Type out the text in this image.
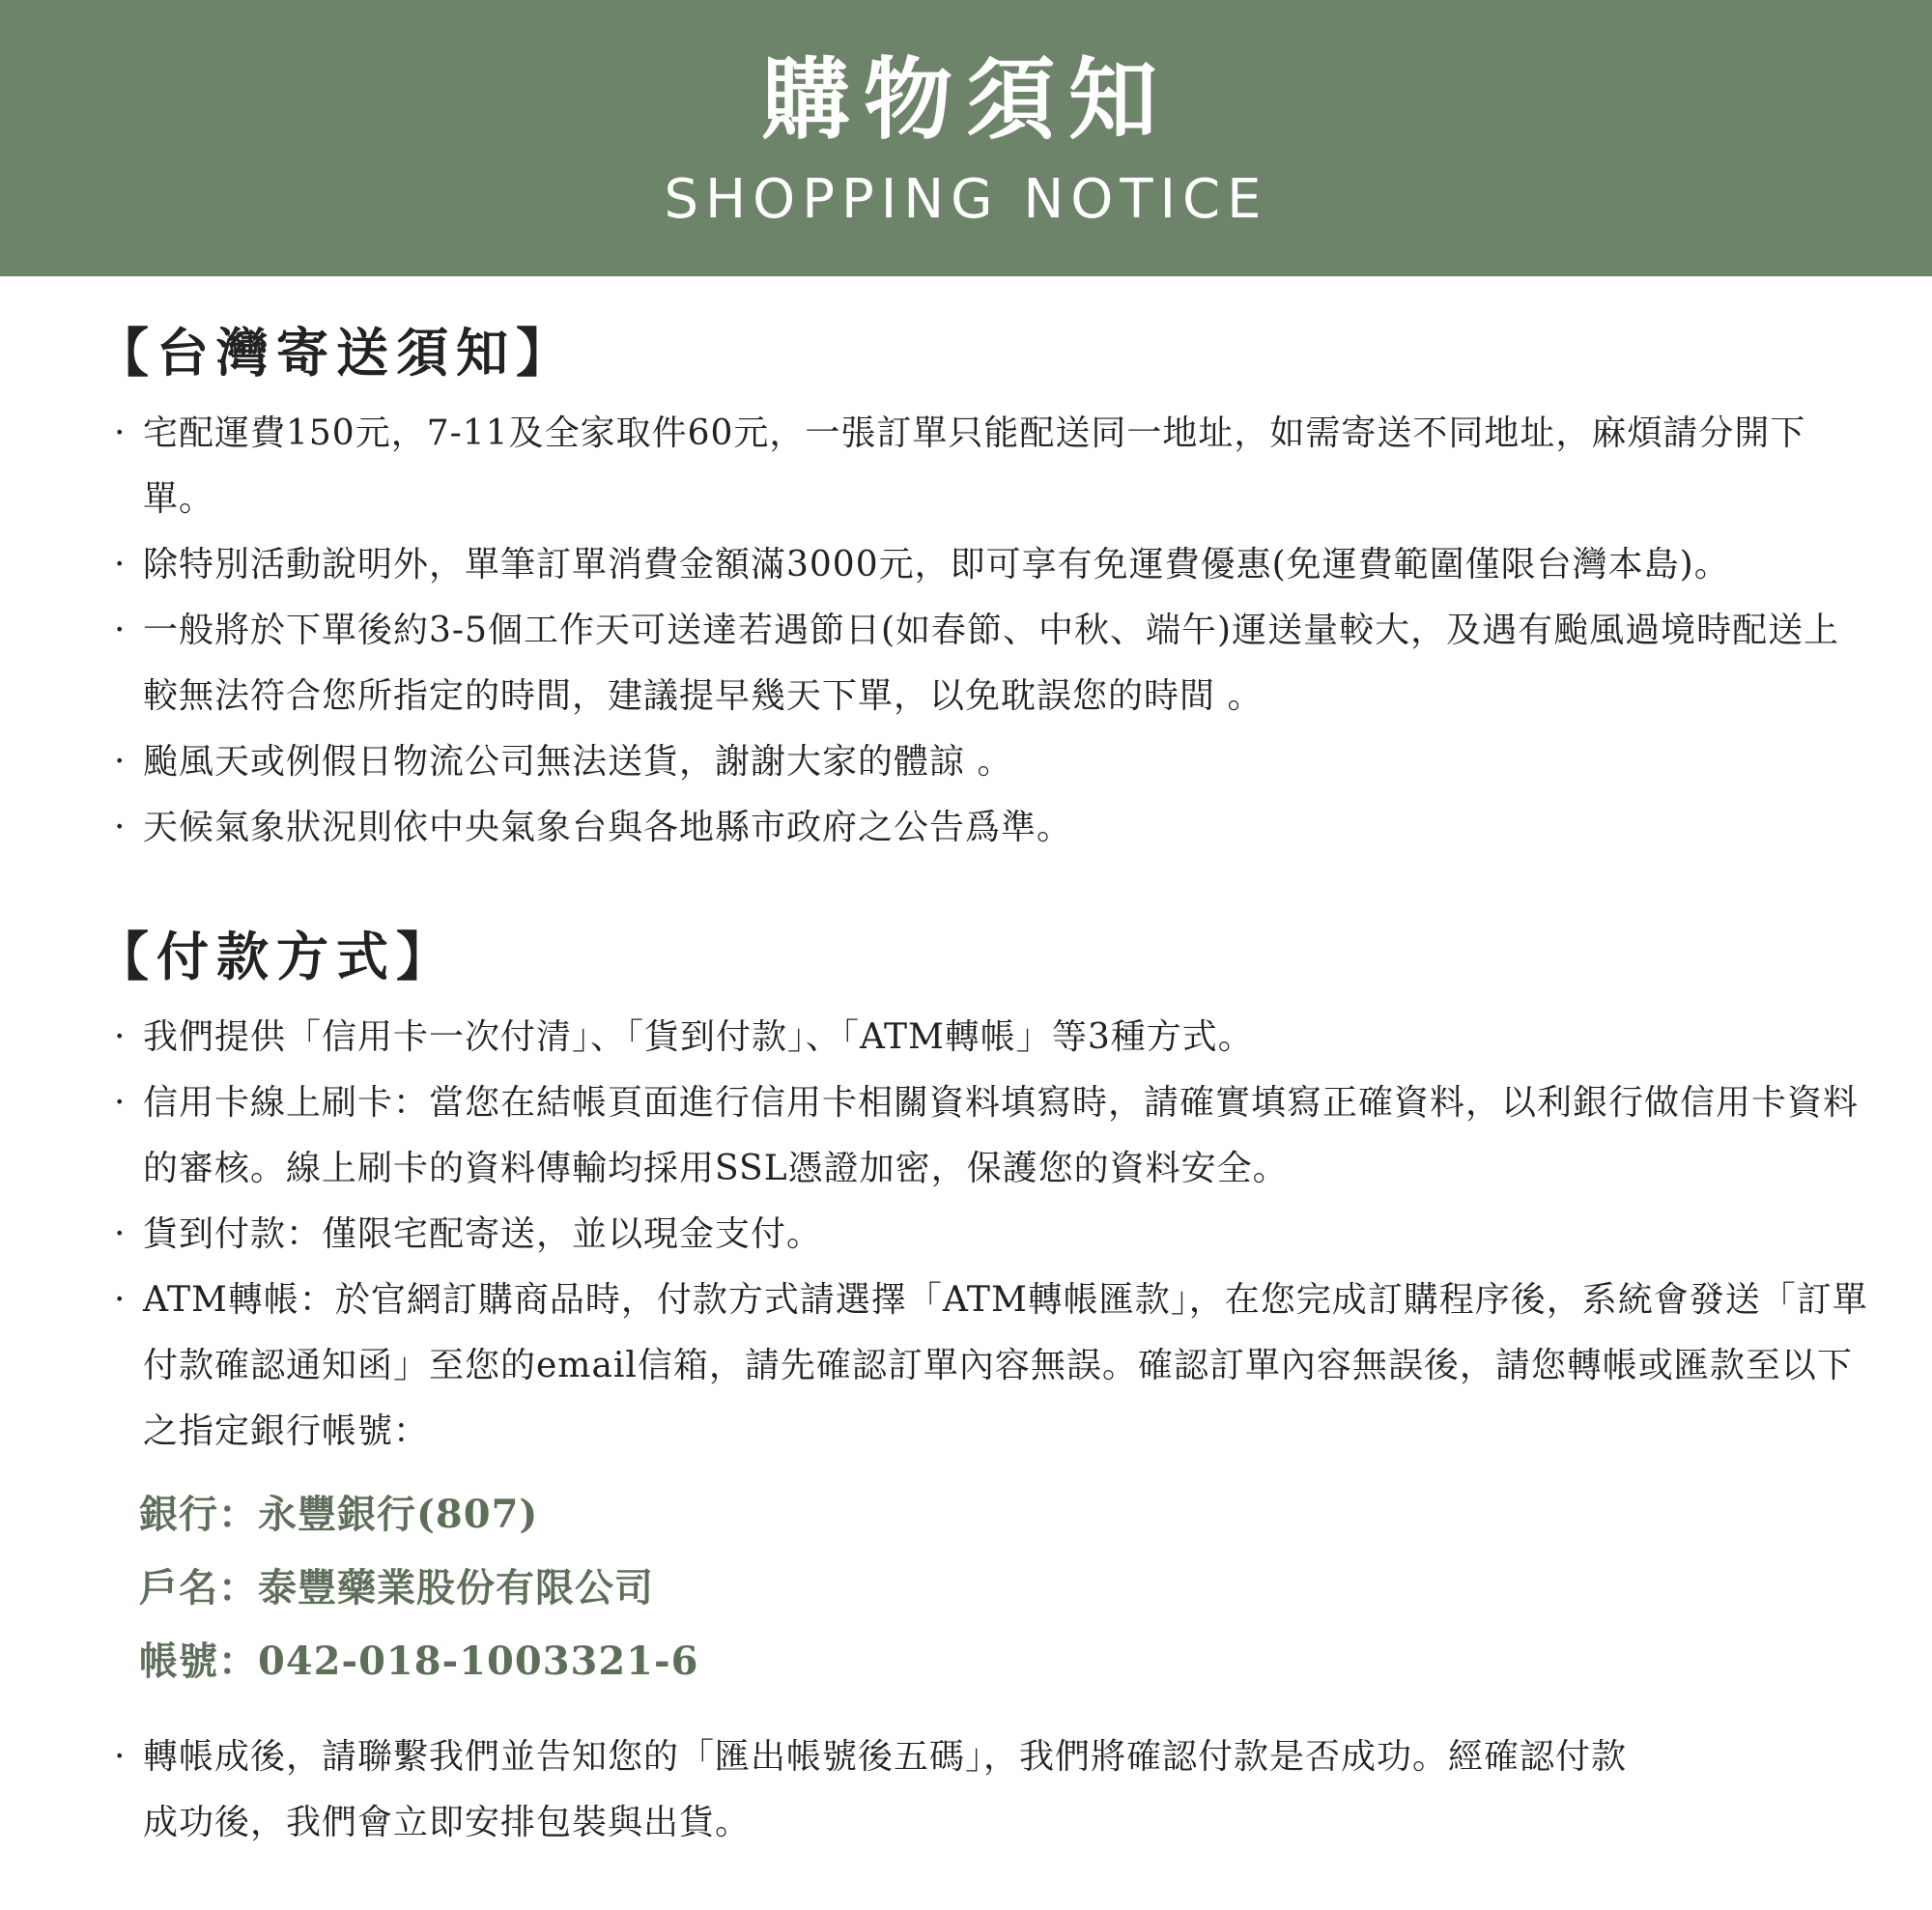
購物須知
SHOPPING NOTICE
【台灣寄送須知】
· 宅配運費150元，7-11及全家取件60元，一張訂單只能配送同一地址，如需寄送不同地址，麻煩請分開下單。
· 除特別活動說明外，單筆訂單消費金額滿3000元，即可享有免運費優惠(免運費範圍僅限台灣本島)。
· 一般將於下單後約3-5個工作天可送達若遇節日(如春節、中秋、端午)運送量較大，及遇有颱風過境時配送上較無法符合您所指定的時間，建議提早幾天下單，以免耽誤您的時間 。
· 颱風天或例假日物流公司無法送貨，謝謝大家的體諒 。
· 天候氣象狀況則依中央氣象台與各地縣市政府之公告爲準。
【付款方式】
· 我們提供「信用卡一次付清」、「貨到付款」、「ATM轉帳」等3種方式。
· 信用卡線上刷卡：當您在結帳頁面進行信用卡相關資料填寫時，請確實填寫正確資料，以利銀行做信用卡資料的審核。線上刷卡的資料傳輸均採用SSL憑證加密，保護您的資料安全。
· 貨到付款：僅限宅配寄送，並以現金支付。
· ATM轉帳：於官網訂購商品時，付款方式請選擇「ATM轉帳匯款」，在您完成訂購程序後，系統會發送「訂單付款確認通知函」至您的email信箱，請先確認訂單內容無誤。確認訂單內容無誤後，請您轉帳或匯款至以下之指定銀行帳號：
銀行：永豐銀行(807)
戶名：泰豐藥業股份有限公司
帳號：042-018-1003321-6
· 轉帳成後，請聯繫我們並告知您的「匯出帳號後五碼」，我們將確認付款是否成功。經確認付款成功後，我們會立即安排包裝與出貨。
